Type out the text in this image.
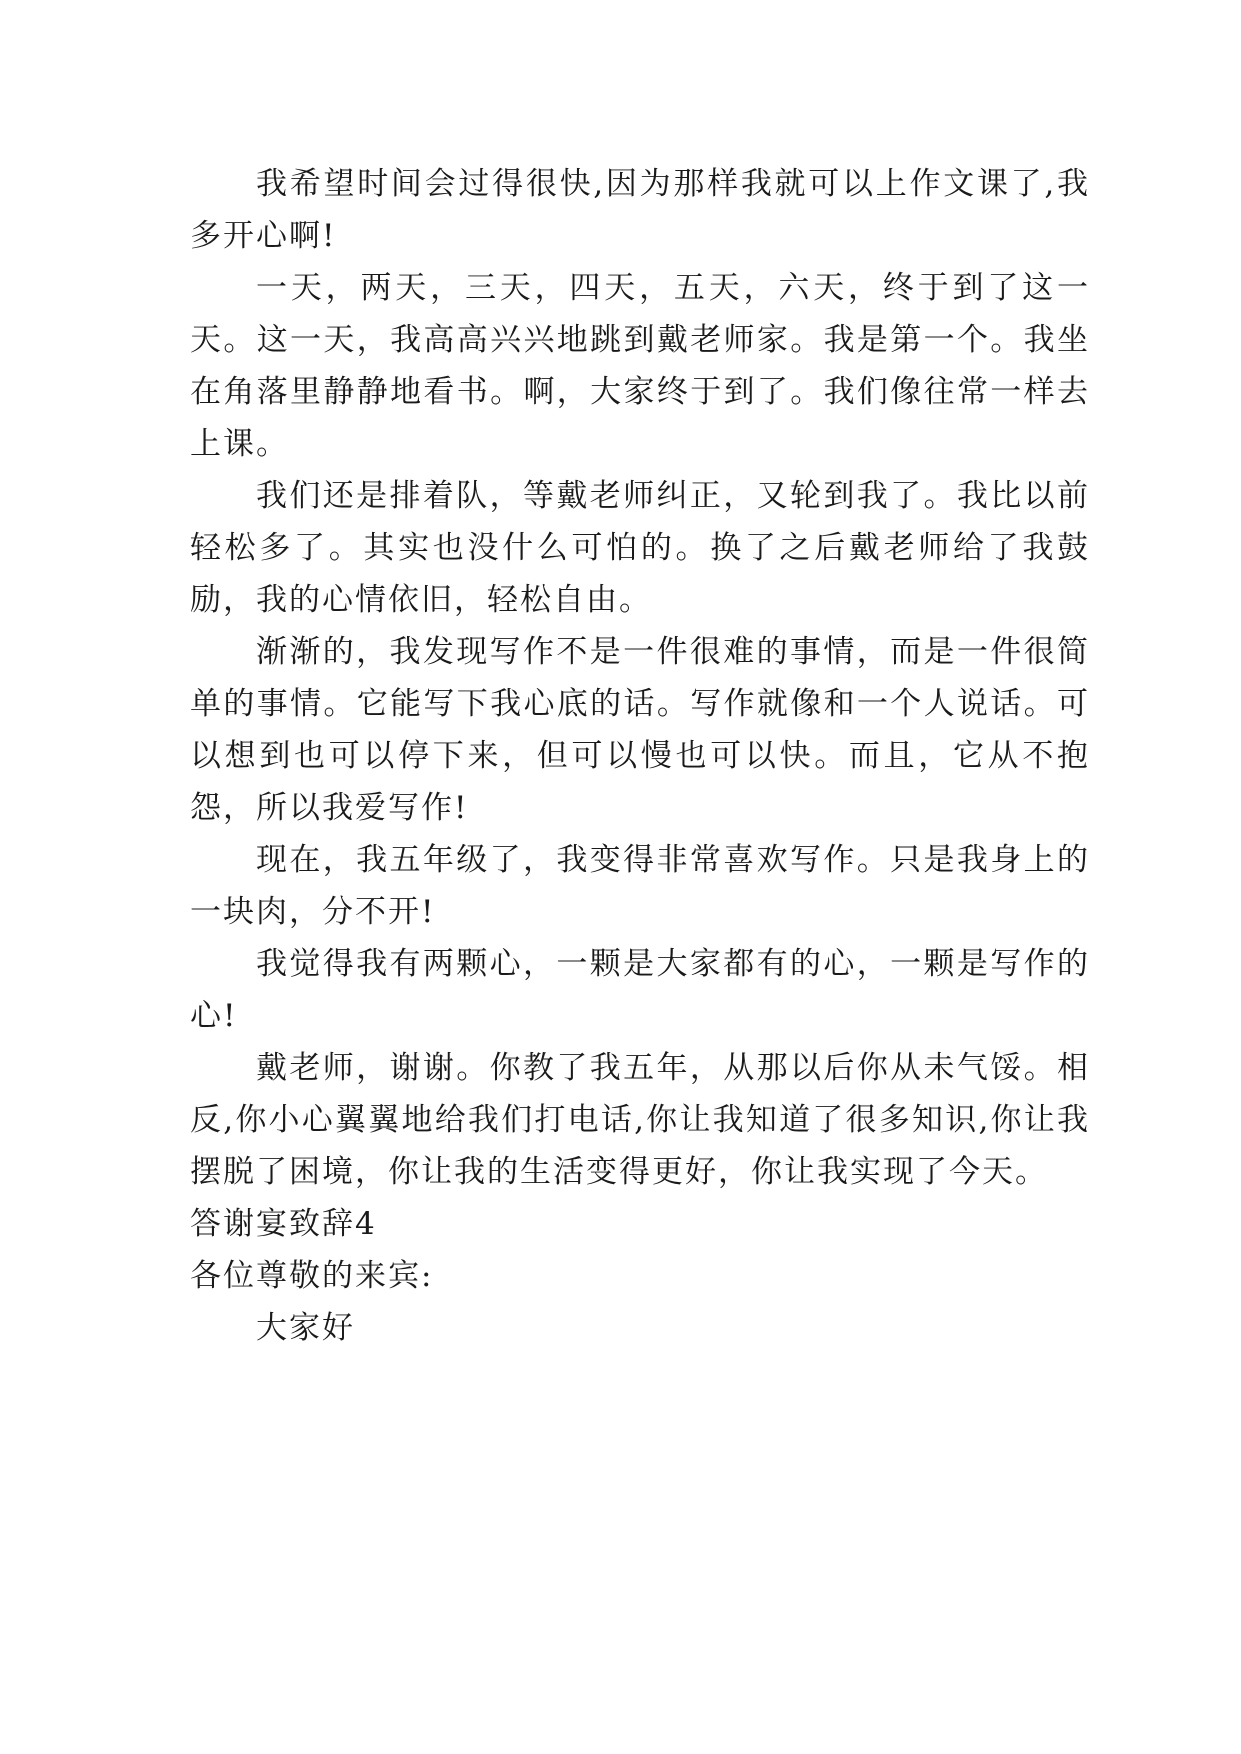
我希望时间会过得很快,因为那样我就可以上作文课了,我多开心啊!

一天，两天，三天，四天，五天，六天，终于到了这一天。这一天，我高高兴兴地跳到戴老师家。我是第一个。我坐在角落里静静地看书。啊，大家终于到了。我们像往常一样去上课。

我们还是排着队，等戴老师纠正，又轮到我了。我比以前轻松多了。其实也没什么可怕的。换了之后戴老师给了我鼓励，我的心情依旧，轻松自由。

渐渐的，我发现写作不是一件很难的事情，而是一件很简单的事情。它能写下我心底的话。写作就像和一个人说话。可以想到也可以停下来，但可以慢也可以快。而且，它从不抱怨，所以我爱写作!

现在，我五年级了，我变得非常喜欢写作。只是我身上的一块肉，分不开!

我觉得我有两颗心，一颗是大家都有的心，一颗是写作的心!

戴老师，谢谢。你教了我五年，从那以后你从未气馁。相反,你小心翼翼地给我们打电话,你让我知道了很多知识,你让我摆脱了困境，你让我的生活变得更好，你让我实现了今天。

答谢宴致辞4

各位尊敬的来宾:

大家好
